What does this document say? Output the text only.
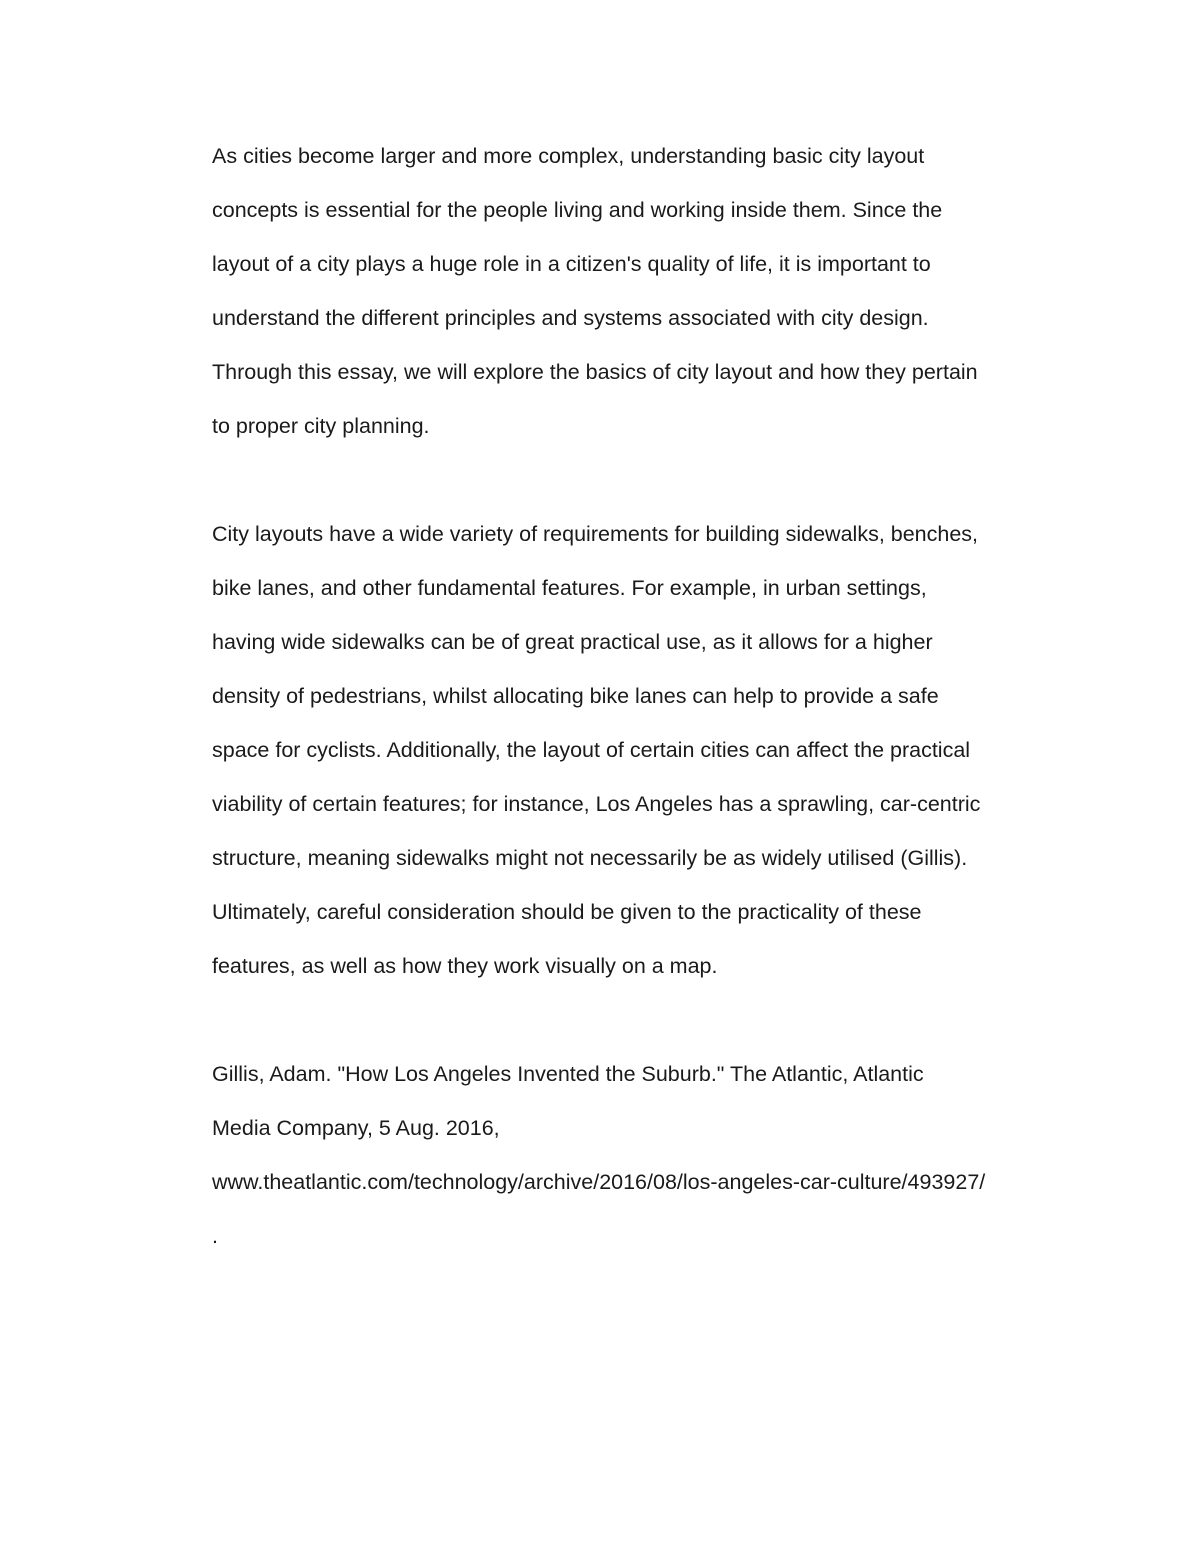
As cities become larger and more complex, understanding basic city layout
concepts is essential for the people living and working inside them. Since the
layout of a city plays a huge role in a citizen's quality of life, it is important to
understand the different principles and systems associated with city design.
Through this essay, we will explore the basics of city layout and how they pertain
to proper city planning.
City layouts have a wide variety of requirements for building sidewalks, benches,
bike lanes, and other fundamental features. For example, in urban settings,
having wide sidewalks can be of great practical use, as it allows for a higher
density of pedestrians, whilst allocating bike lanes can help to provide a safe
space for cyclists. Additionally, the layout of certain cities can affect the practical
viability of certain features; for instance, Los Angeles has a sprawling, car-centric
structure, meaning sidewalks might not necessarily be as widely utilised (Gillis).
Ultimately, careful consideration should be given to the practicality of these
features, as well as how they work visually on a map.
Gillis, Adam. "How Los Angeles Invented the Suburb." The Atlantic, Atlantic
Media Company, 5 Aug. 2016,
www.theatlantic.com/technology/archive/2016/08/los-angeles-car-culture/493927/
.
